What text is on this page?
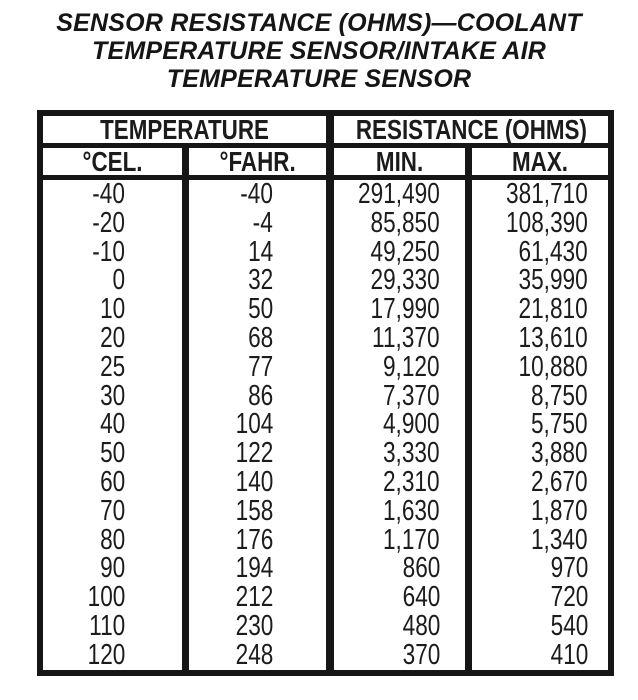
SENSOR RESISTANCE (OHMS)—COOLANT
TEMPERATURE SENSOR/INTAKE AIR
TEMPERATURE SENSOR
TEMPERATURE	RESISTANCE (OHMS)
°CEL.	°FAHR.	MIN.	MAX.
-40	-40	291,490	381,710
-20	-4	85,850	108,390
-10	14	49,250	61,430
0	32	29,330	35,990
10	50	17,990	21,810
20	68	11,370	13,610
25	77	9,120	10,880
30	86	7,370	8,750
40	104	4,900	5,750
50	122	3,330	3,880
60	140	2,310	2,670
70	158	1,630	1,870
80	176	1,170	1,340
90	194	860	970
100	212	640	720
110	230	480	540
120	248	370	410
